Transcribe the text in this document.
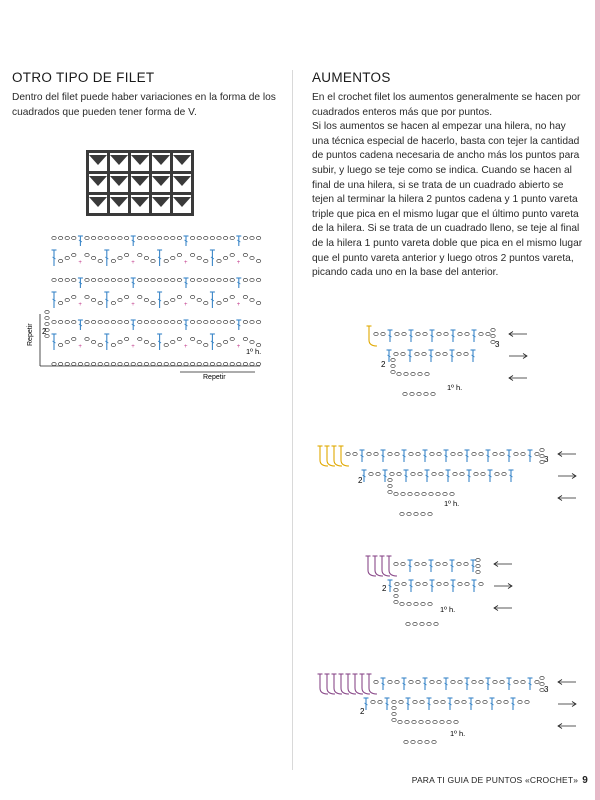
OTRO TIPO DE FILET

Dentro del filet puede haber variaciones en la forma de los cuadrados que pueden tener forma de V.

+	+	+	+
+	+	+	+
+	+	+	+
Repetir 2
1º h.
Repetir
AUMENTOS

En el crochet filet los aumentos generalmente se hacen por cuadrados enteros más que por puntos.

Si los aumentos se hacen al empezar una hilera, no hay una técnica especial de hacerlo, basta con tejer la cantidad de puntos cadena necesaria de ancho más los puntos para subir, y luego se teje como se indica. Cuando se hacen al final de una hilera, si se trata de un cuadrado abierto se tejen al terminar la hilera 2 puntos cadena y 1 punto vareta triple que pica en el mismo lugar que el último punto vareta de la hilera. Si se trata de un cuadrado lleno, se teje al final de la hilera 1 punto vareta doble que pica en el mismo lugar que el punto vareta anterior y luego otros 2 puntos vareta, picando cada uno en la base del anterior.

3
2
1º h.
3
2
1º h.
2
1º h.
3
2
1º h.
PARA TI GUIA DE PUNTOS «CROCHET» 9
